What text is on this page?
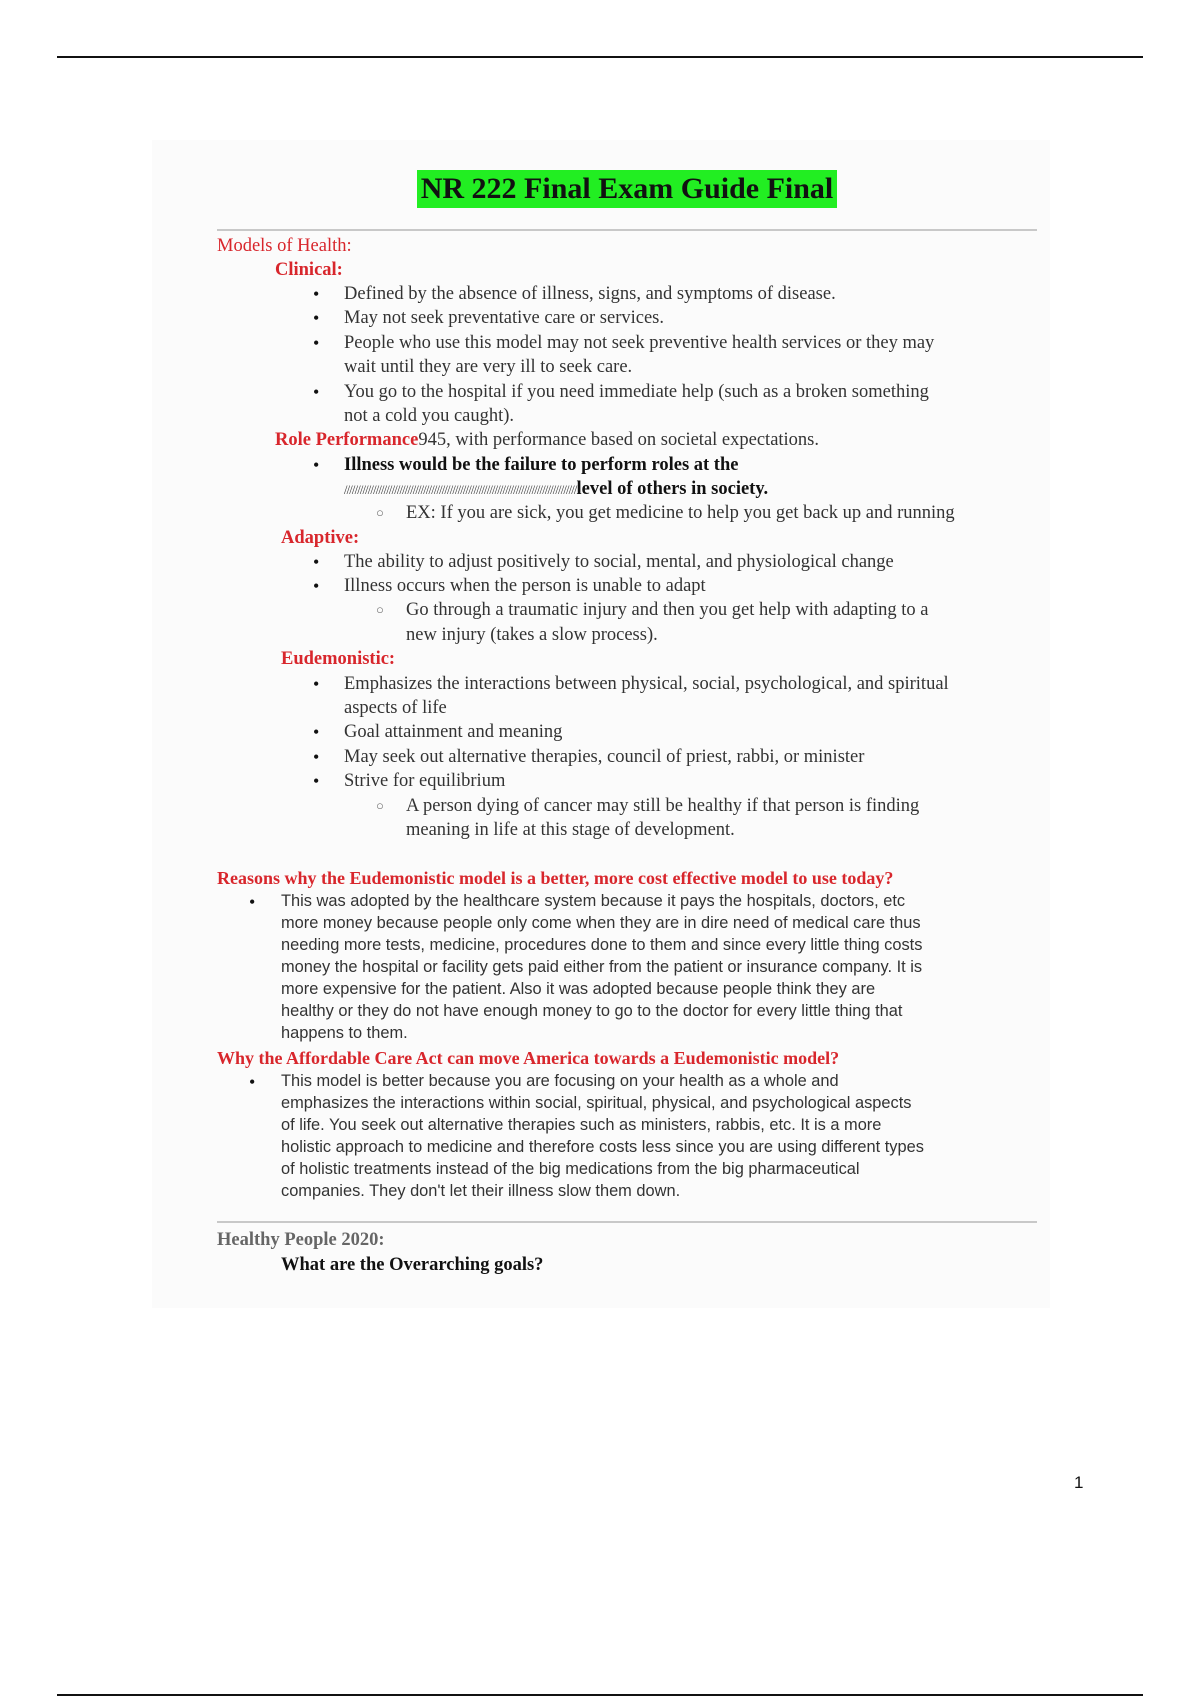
NR 222 Final Exam Guide Final
Models of Health:
Clinical:
• Defined by the absence of illness, signs, and symptoms of disease.
• May not seek preventative care or services.
• People who use this model may not seek preventive health services or they may
wait until they are very ill to seek care.
• You go to the hospital if you need immediate help (such as a broken something
not a cold you caught).
Role Performance945, with performance based on societal expectations.
• Illness would be the failure to perform roles at the
////////////////////////////////////////////////////////////////////////////////////////level of others in society.
○ EX: If you are sick, you get medicine to help you get back up and running
Adaptive:
• The ability to adjust positively to social, mental, and physiological change
• Illness occurs when the person is unable to adapt
○ Go through a traumatic injury and then you get help with adapting to a
new injury (takes a slow process).
Eudemonistic:
• Emphasizes the interactions between physical, social, psychological, and spiritual
aspects of life
• Goal attainment and meaning
• May seek out alternative therapies, council of priest, rabbi, or minister
• Strive for equilibrium
○ A person dying of cancer may still be healthy if that person is finding
meaning in life at this stage of development.
Reasons why the Eudemonistic model is a better, more cost effective model to use today?
• This was adopted by the healthcare system because it pays the hospitals, doctors, etc
more money because people only come when they are in dire need of medical care thus
needing more tests, medicine, procedures done to them and since every little thing costs
money the hospital or facility gets paid either from the patient or insurance company. It is
more expensive for the patient. Also it was adopted because people think they are
healthy or they do not have enough money to go to the doctor for every little thing that
happens to them.
Why the Affordable Care Act can move America towards a Eudemonistic model?
• This model is better because you are focusing on your health as a whole and
emphasizes the interactions within social, spiritual, physical, and psychological aspects
of life. You seek out alternative therapies such as ministers, rabbis, etc. It is a more
holistic approach to medicine and therefore costs less since you are using different types
of holistic treatments instead of the big medications from the big pharmaceutical
companies. They don't let their illness slow them down.
Healthy People 2020:
What are the Overarching goals?
1
